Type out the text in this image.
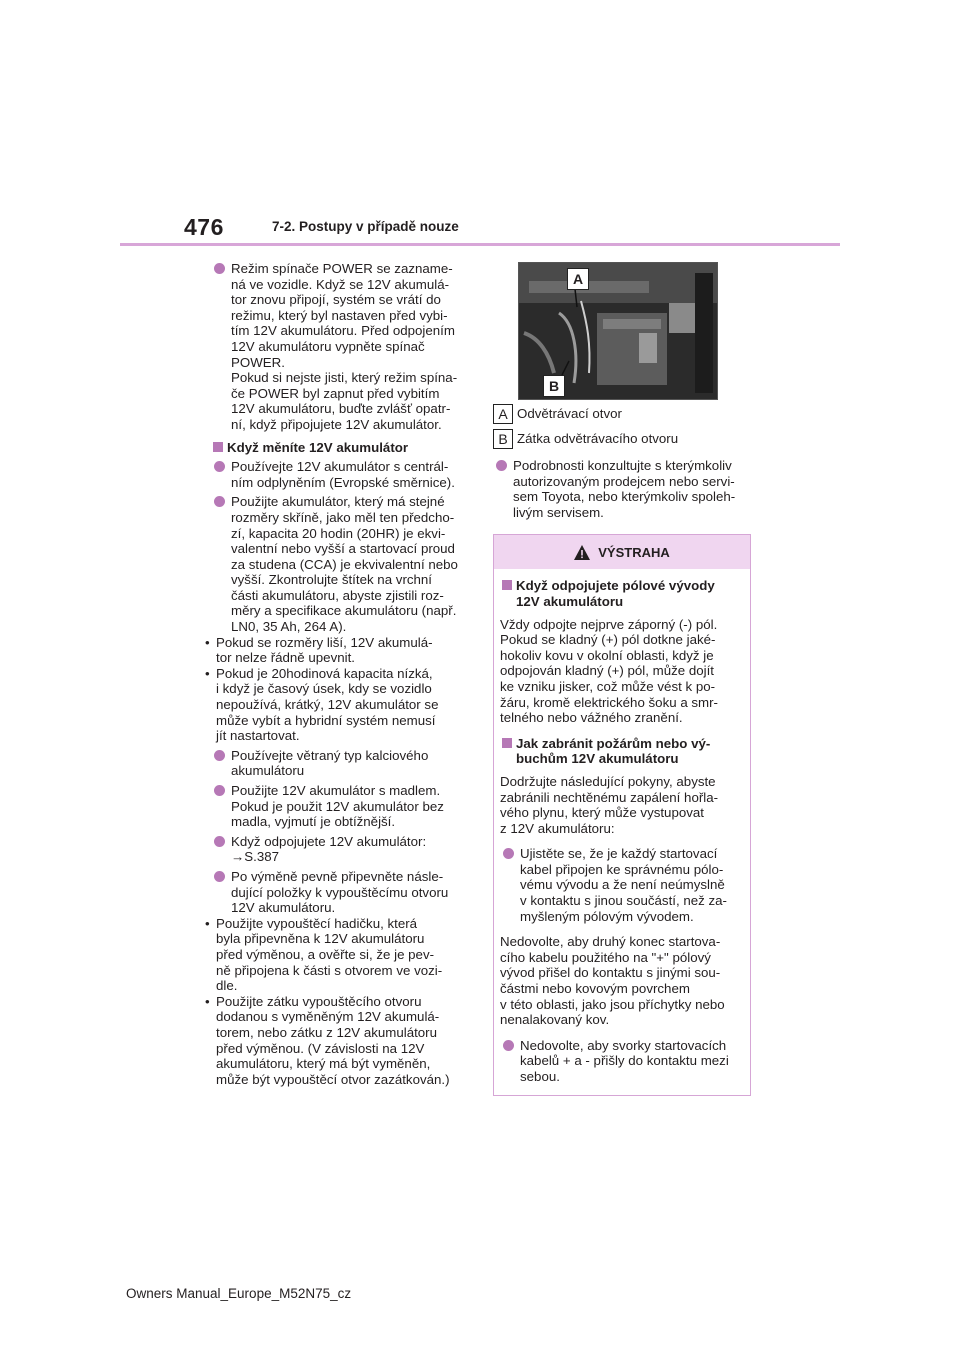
476	7-2. Postupy v případě nouze
Režim spínače POWER se zazname-
ná ve vozidle. Když se 12V akumulá-
tor znovu připojí, systém se vrátí do
režimu, který byl nastaven před vybi-
tím 12V akumulátoru. Před odpojením
12V akumulátoru vypněte spínač
POWER.
Pokud si nejste jisti, který režim spína-
če POWER byl zapnut před vybitím
12V akumulátoru, buďte zvlášť opatr-
ní, když připojujete 12V akumulátor.
Když měníte 12V akumulátor
Používejte 12V akumulátor s centrál-
ním odplyněním (Evropské směrnice).
Použijte akumulátor, který má stejné
rozměry skříně, jako měl ten předcho-
zí, kapacita 20 hodin (20HR) je ekvi-
valentní nebo vyšší a startovací proud
za studena (CCA) je ekvivalentní nebo
vyšší. Zkontrolujte štítek na vrchní
části akumulátoru, abyste zjistili roz-
měry a specifikace akumulátoru (např.
LN0, 35 Ah, 264 A).
• Pokud se rozměry liší, 12V akumulá-
tor nelze řádně upevnit.
• Pokud je 20hodinová kapacita nízká,
i když je časový úsek, kdy se vozidlo
nepoužívá, krátký, 12V akumulátor se
může vybít a hybridní systém nemusí
jít nastartovat.
Používejte větraný typ kalciového
akumulátoru
Použijte 12V akumulátor s madlem.
Pokud je použit 12V akumulátor bez
madla, vyjmutí je obtížnější.
Když odpojujete 12V akumulátor:
→S.387
Po výměně pevně připevněte násle-
dující položky k vypouštěcímu otvoru
12V akumulátoru.
• Použijte vypouštěcí hadičku, která
byla připevněna k 12V akumulátoru
před výměnou, a ověřte si, že je pev-
ně připojena k části s otvorem ve vozi-
dle.
• Použijte zátku vypouštěcího otvoru
dodanou s vyměněným 12V akumulá-
torem, nebo zátku z 12V akumulátoru
před výměnou. (V závislosti na 12V
akumulátoru, který má být vyměněn,
může být vypouštěcí otvor zazátkován.)
A
B
A Odvětrávací otvor
B Zátka odvětrávacího otvoru
Podrobnosti konzultujte s kterýmkoliv
autorizovaným prodejcem nebo servi-
sem Toyota, nebo kterýmkoliv spoleh-
livým servisem.
VÝSTRAHA
Když odpojujete pólové vývody
12V akumulátoru
Vždy odpojte nejprve záporný (-) pól.
Pokud se kladný (+) pól dotkne jaké-
hokoliv kovu v okolní oblasti, když je
odpojován kladný (+) pól, může dojít
ke vzniku jisker, což může vést k po-
žáru, kromě elektrického šoku a smr-
telného nebo vážného zranění.
Jak zabránit požárům nebo vý-
buchům 12V akumulátoru
Dodržujte následující pokyny, abyste
zabránili nechtěnému zapálení hořla-
vého plynu, který může vystupovat
z 12V akumulátoru:
Ujistěte se, že je každý startovací
kabel připojen ke správnému pólo-
vému vývodu a že není neúmyslně
v kontaktu s jinou součástí, než za-
myšleným pólovým vývodem.
Nedovolte, aby druhý konec startova-
cího kabelu použitého na "+" pólový
vývod přišel do kontaktu s jinými sou-
částmi nebo kovovým povrchem
v této oblasti, jako jsou příchytky nebo
nenalakovaný kov.
Nedovolte, aby svorky startovacích
kabelů + a - přišly do kontaktu mezi
sebou.
Owners Manual_Europe_M52N75_cz
